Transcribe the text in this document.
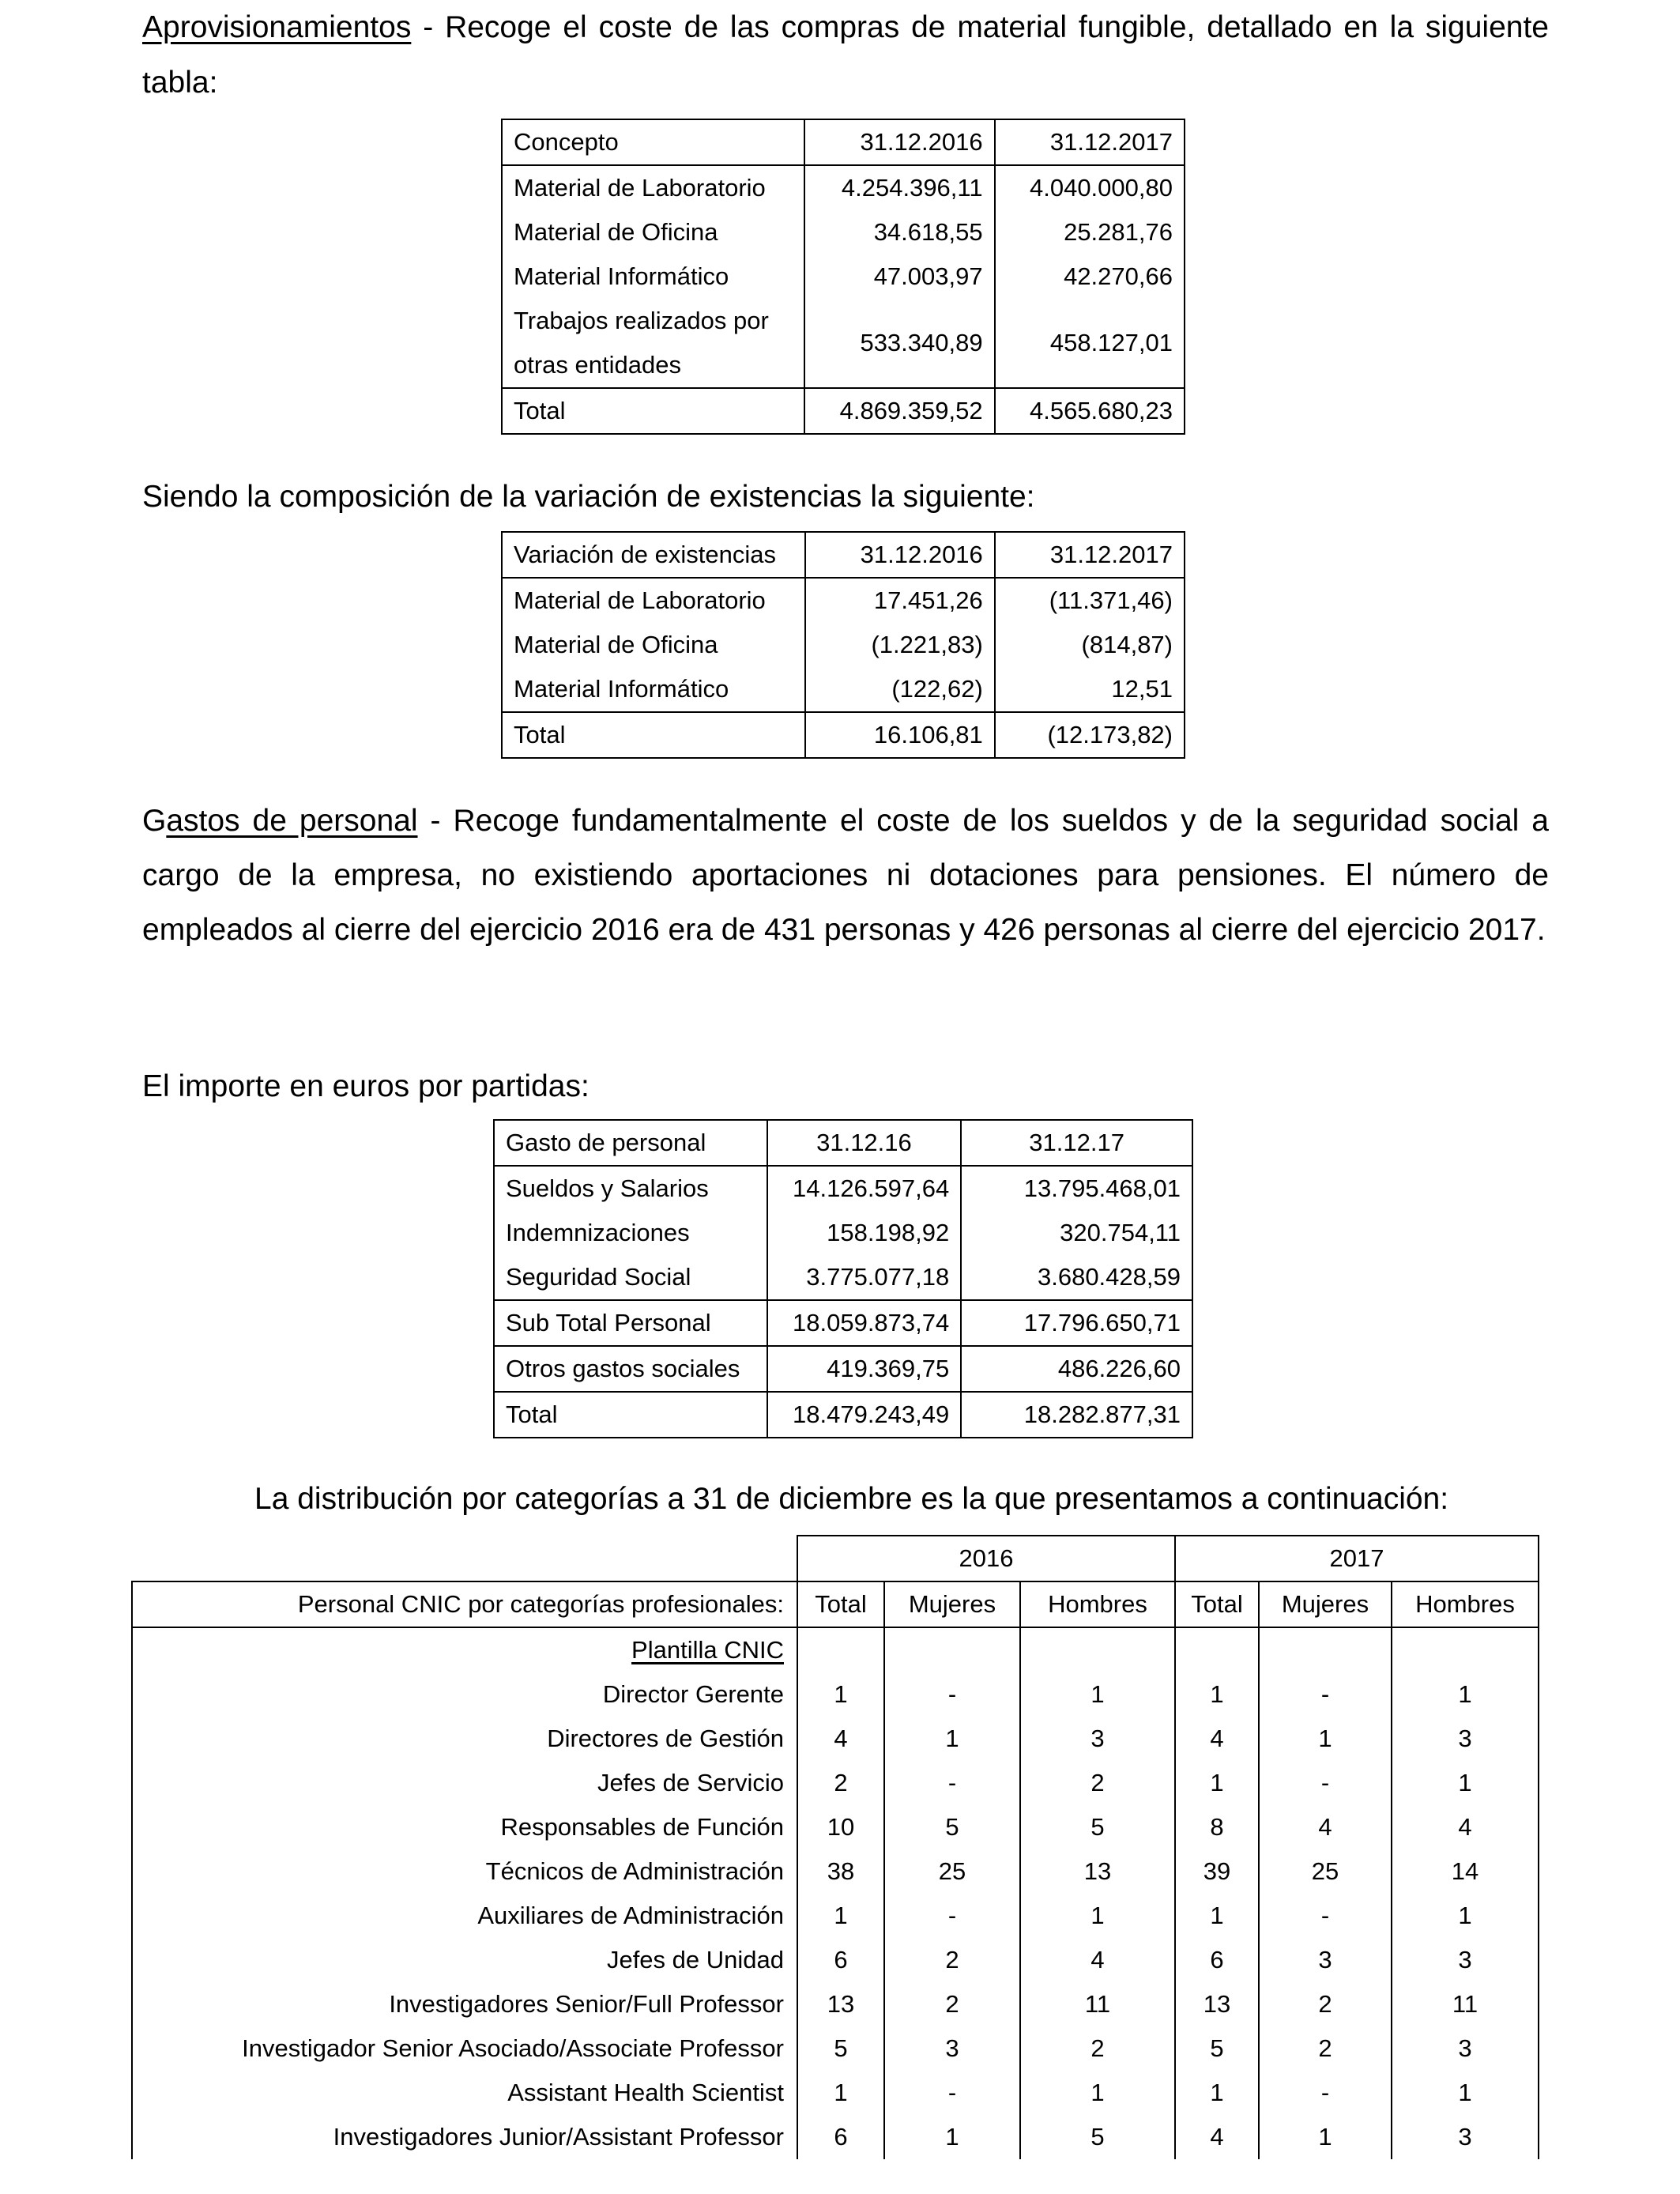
Aprovisionamientos - Recoge el coste de las compras de material fungible, detallado en la siguiente tabla:

Concepto	31.12.2016	31.12.2017
Material de Laboratorio	4.254.396,11	4.040.000,80
Material de Oficina	34.618,55	25.281,76
Material Informático	47.003,97	42.270,66
Trabajos realizados por otras entidades	533.340,89	458.127,01
Total	4.869.359,52	4.565.680,23

Siendo la composición de la variación de existencias la siguiente:

Variación de existencias	31.12.2016	31.12.2017
Material de Laboratorio	17.451,26	(11.371,46)
Material de Oficina	(1.221,83)	(814,87)
Material Informático	(122,62)	12,51
Total	16.106,81	(12.173,82)

Gastos de personal - Recoge fundamentalmente el coste de los sueldos y de la seguridad social a cargo de la empresa, no existiendo aportaciones ni dotaciones para pensiones. El número de empleados al cierre del ejercicio 2016 era de 431 personas y 426 personas al cierre del ejercicio 2017.

El importe en euros por partidas:

Gasto de personal	31.12.16	31.12.17
Sueldos y Salarios	14.126.597,64	13.795.468,01
Indemnizaciones	158.198,92	320.754,11
Seguridad Social	3.775.077,18	3.680.428,59
Sub Total Personal	18.059.873,74	17.796.650,71
Otros gastos sociales	419.369,75	486.226,60
Total	18.479.243,49	18.282.877,31

La distribución por categorías a 31 de diciembre es la que presentamos a continuación:

	2016			2017		
Personal CNIC por categorías profesionales:	Total	Mujeres	Hombres	Total	Mujeres	Hombres
Plantilla CNIC						
Director Gerente	1	-	1	1	-	1
Directores de Gestión	4	1	3	4	1	3
Jefes de Servicio	2	-	2	1	-	1
Responsables de Función	10	5	5	8	4	4
Técnicos de Administración	38	25	13	39	25	14
Auxiliares de Administración	1	-	1	1	-	1
Jefes de Unidad	6	2	4	6	3	3
Investigadores Senior/Full Professor	13	2	11	13	2	11
Investigador Senior Asociado/Associate Professor	5	3	2	5	2	3
Assistant Health Scientist	1	-	1	1	-	1
Investigadores Junior/Assistant Professor	6	1	5	4	1	3
